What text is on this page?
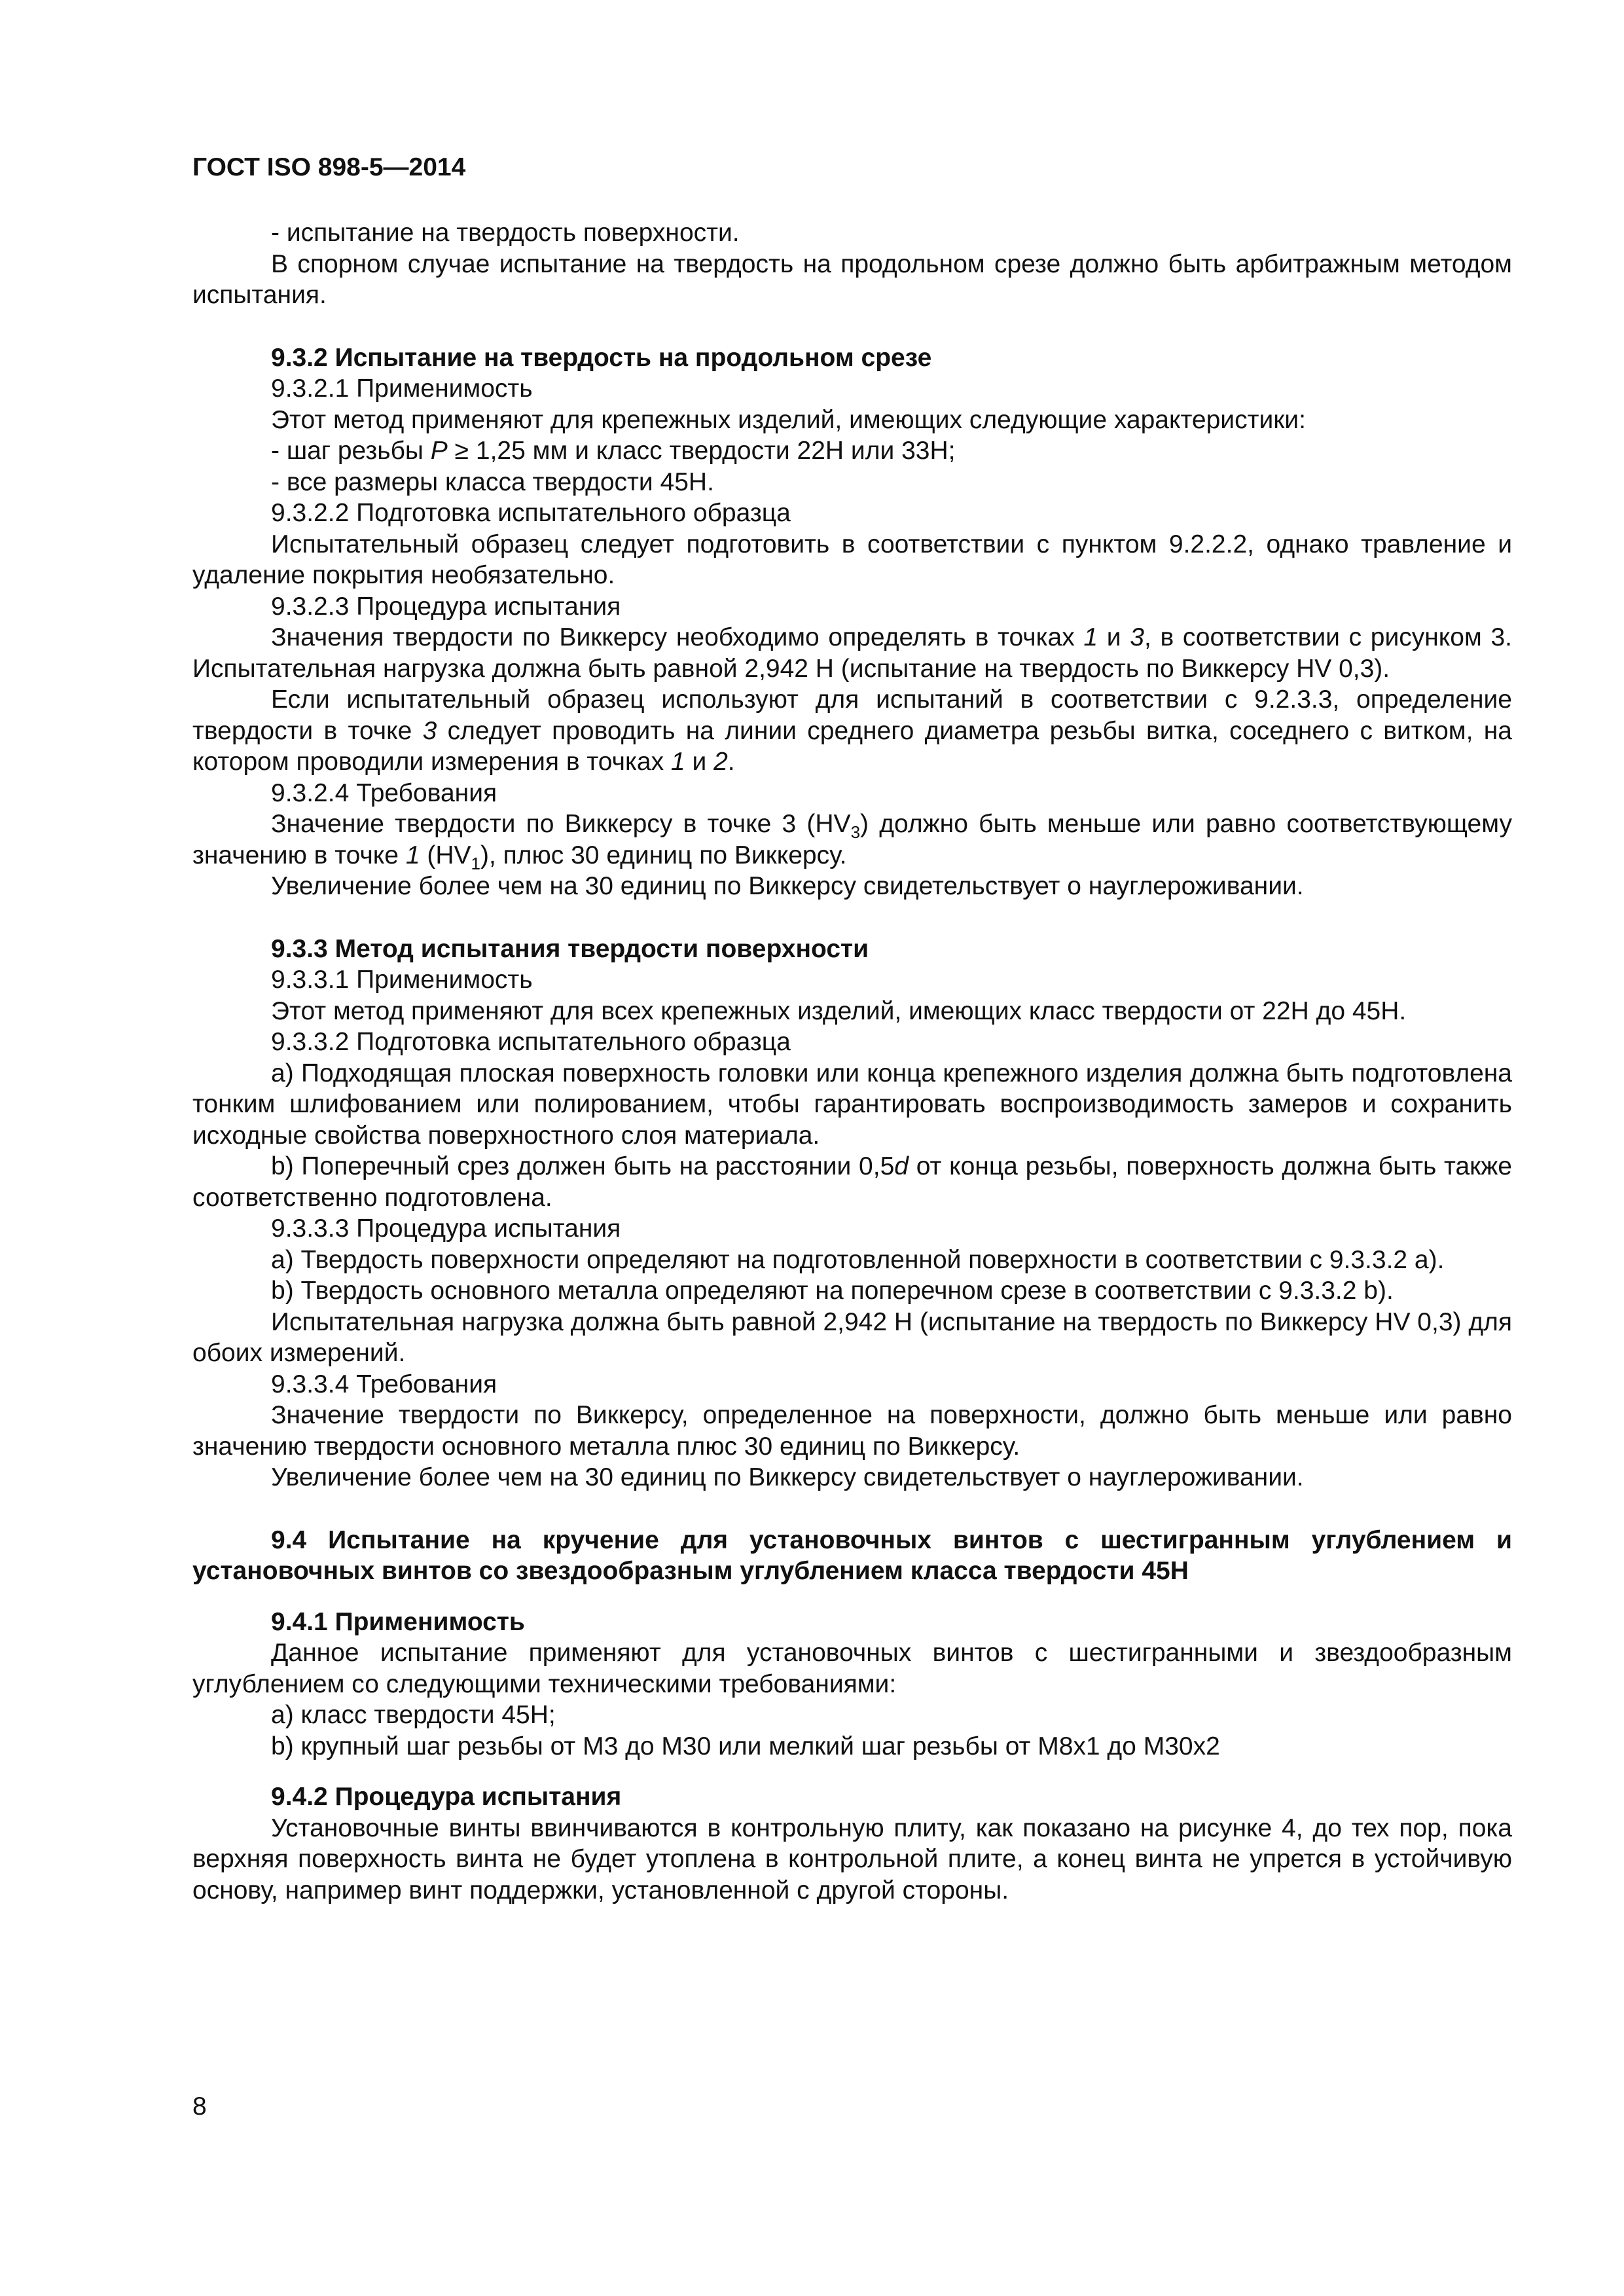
ГОСТ ISO 898-5—2014

- испытание на твердость поверхности.

В спорном случае испытание на твердость на продольном срезе должно быть арбитражным методом испытания.

9.3.2 Испытание на твердость на продольном срезе

9.3.2.1 Применимость

Этот метод применяют для крепежных изделий, имеющих следующие характеристики:

- шаг резьбы P ≥ 1,25 мм и класс твердости 22H или 33H;

- все размеры класса твердости 45H.

9.3.2.2 Подготовка испытательного образца

Испытательный образец следует подготовить в соответствии с пунктом 9.2.2.2, однако травление и удаление покрытия необязательно.

9.3.2.3 Процедура испытания

Значения твердости по Виккерсу необходимо определять в точках 1 и 3, в соответствии с рисунком 3. Испытательная нагрузка должна быть равной 2,942 Н (испытание на твердость по Виккерсу HV 0,3).

Если испытательный образец используют для испытаний в соответствии с 9.2.3.3, определение твердости в точке 3 следует проводить на линии среднего диаметра резьбы витка, соседнего с витком, на котором проводили измерения в точках 1 и 2.

9.3.2.4 Требования

Значение твердости по Виккерсу в точке 3 $(HV_3)$ должно быть меньше или равно соответствующему значению в точке 1 $(HV_1)$, плюс 30 единиц по Виккерсу.

Увеличение более чем на 30 единиц по Виккерсу свидетельствует о науглероживании.

9.3.3 Метод испытания твердости поверхности

9.3.3.1 Применимость

Этот метод применяют для всех крепежных изделий, имеющих класс твердости от 22H до 45H.

9.3.3.2 Подготовка испытательного образца

a) Подходящая плоская поверхность головки или конца крепежного изделия должна быть подготовлена тонким шлифованием или полированием, чтобы гарантировать воспроизводимость замеров и сохранить исходные свойства поверхностного слоя материала.

b) Поперечный срез должен быть на расстоянии 0,5d от конца резьбы, поверхность должна быть также соответственно подготовлена.

9.3.3.3 Процедура испытания

a) Твердость поверхности определяют на подготовленной поверхности в соответствии с 9.3.3.2 a).

b) Твердость основного металла определяют на поперечном срезе в соответствии с 9.3.3.2 b).

Испытательная нагрузка должна быть равной 2,942 Н (испытание на твердость по Виккерсу HV 0,3) для обоих измерений.

9.3.3.4 Требования

Значение твердости по Виккерсу, определенное на поверхности, должно быть меньше или равно значению твердости основного металла плюс 30 единиц по Виккерсу.

Увеличение более чем на 30 единиц по Виккерсу свидетельствует о науглероживании.

9.4 Испытание на кручение для установочных винтов с шестигранным углублением и установочных винтов со звездообразным углублением класса твердости 45H

9.4.1 Применимость

Данное испытание применяют для установочных винтов с шестигранными и звездообразным углублением со следующими техническими требованиями:

a) класс твердости 45H;

b) крупный шаг резьбы от M3 до M30 или мелкий шаг резьбы от M8x1 до M30x2

9.4.2 Процедура испытания

Установочные винты ввинчиваются в контрольную плиту, как показано на рисунке 4, до тех пор, пока верхняя поверхность винта не будет утоплена в контрольной плите, а конец винта не упрется в устойчивую основу, например винт поддержки, установленной с другой стороны.

8
